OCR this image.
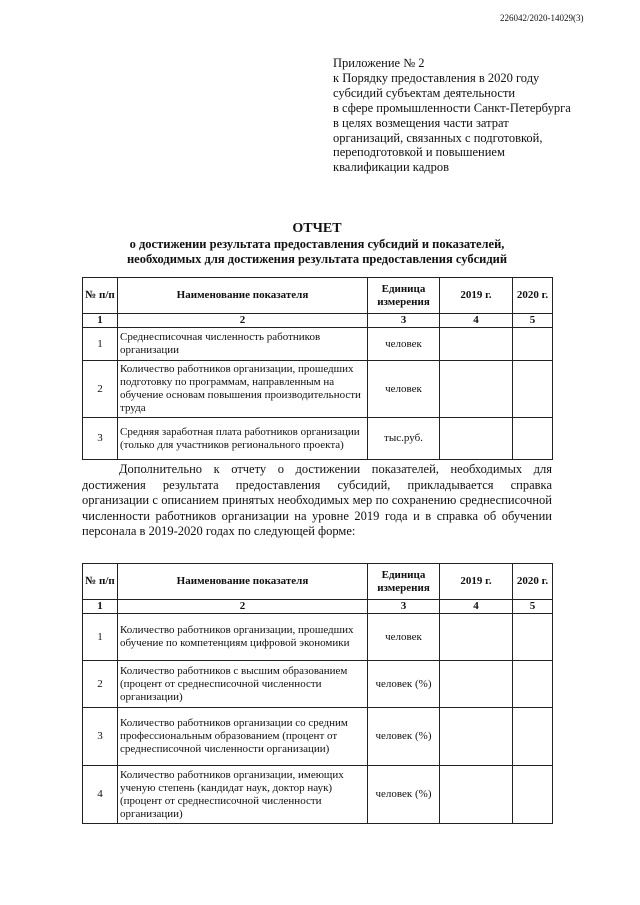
226042/2020-14029(3)
Приложение № 2
к Порядку предоставления в 2020 году
субсидий субъектам деятельности
в сфере промышленности Санкт-Петербурга
в целях возмещения части затрат
организаций, связанных с подготовкой,
переподготовкой и повышением
квалификации кадров
ОТЧЕТ
о достижении результата предоставления субсидий и показателей,
необходимых для достижения результата предоставления субсидий
№ п/п	Наименование показателя	Единица измерения	2019 г.	2020 г.
1	2	3	4	5
1	Среднесписочная численность работников организации	человек		
2	Количество работников организации, прошедших подготовку по программам, направленным на обучение основам повышения производительности труда	человек		
3	Средняя заработная плата работников организации (только для участников регионального проекта)	тыс.руб.		
Дополнительно к отчету о достижении показателей, необходимых для достижения результата предоставления субсидий, прикладывается справка организации с описанием принятых необходимых мер по сохранению среднесписочной численности работников организации на уровне 2019 года и в справка об обучении персонала в 2019-2020 годах по следующей форме:
№ п/п	Наименование показателя	Единица измерения	2019 г.	2020 г.
1	2	3	4	5
1	Количество работников организации, прошедших обучение по компетенциям цифровой экономики	человек		
2	Количество работников с высшим образованием (процент от среднесписочной численности организации)	человек (%)		
3	Количество работников организации со средним профессиональным образованием (процент от среднесписочной численности организации)	человек (%)		
4	Количество работников организации, имеющих ученую степень (кандидат наук, доктор наук) (процент от среднесписочной численности организации)	человек (%)		
